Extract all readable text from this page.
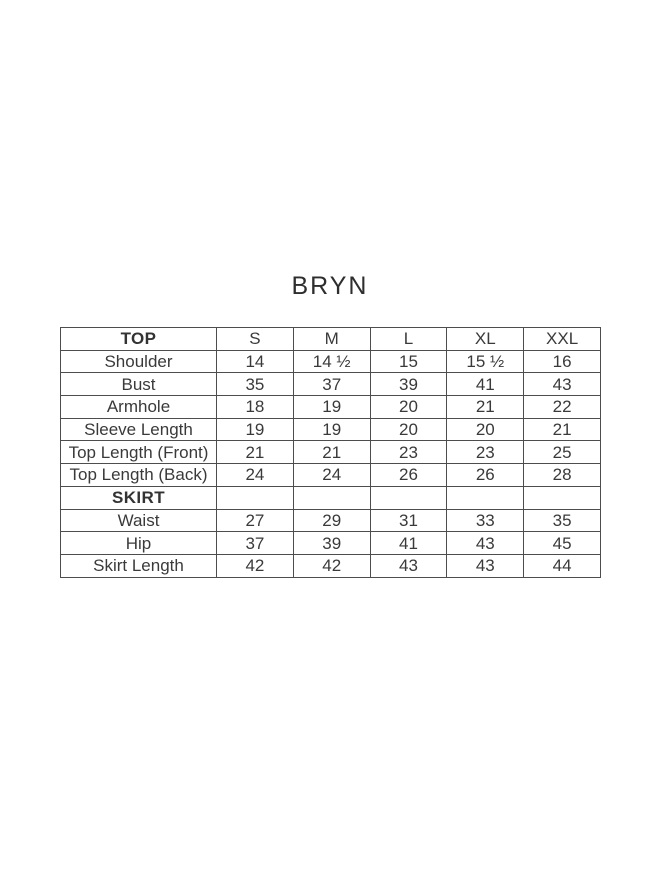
BRYN
TOP	S	M	L	XL	XXL
Shoulder	14	14 ½	15	15 ½	16
Bust	35	37	39	41	43
Armhole	18	19	20	21	22
Sleeve Length	19	19	20	20	21
Top Length (Front)	21	21	23	23	25
Top Length (Back)	24	24	26	26	28
SKIRT					
Waist	27	29	31	33	35
Hip	37	39	41	43	45
Skirt Length	42	42	43	43	44
